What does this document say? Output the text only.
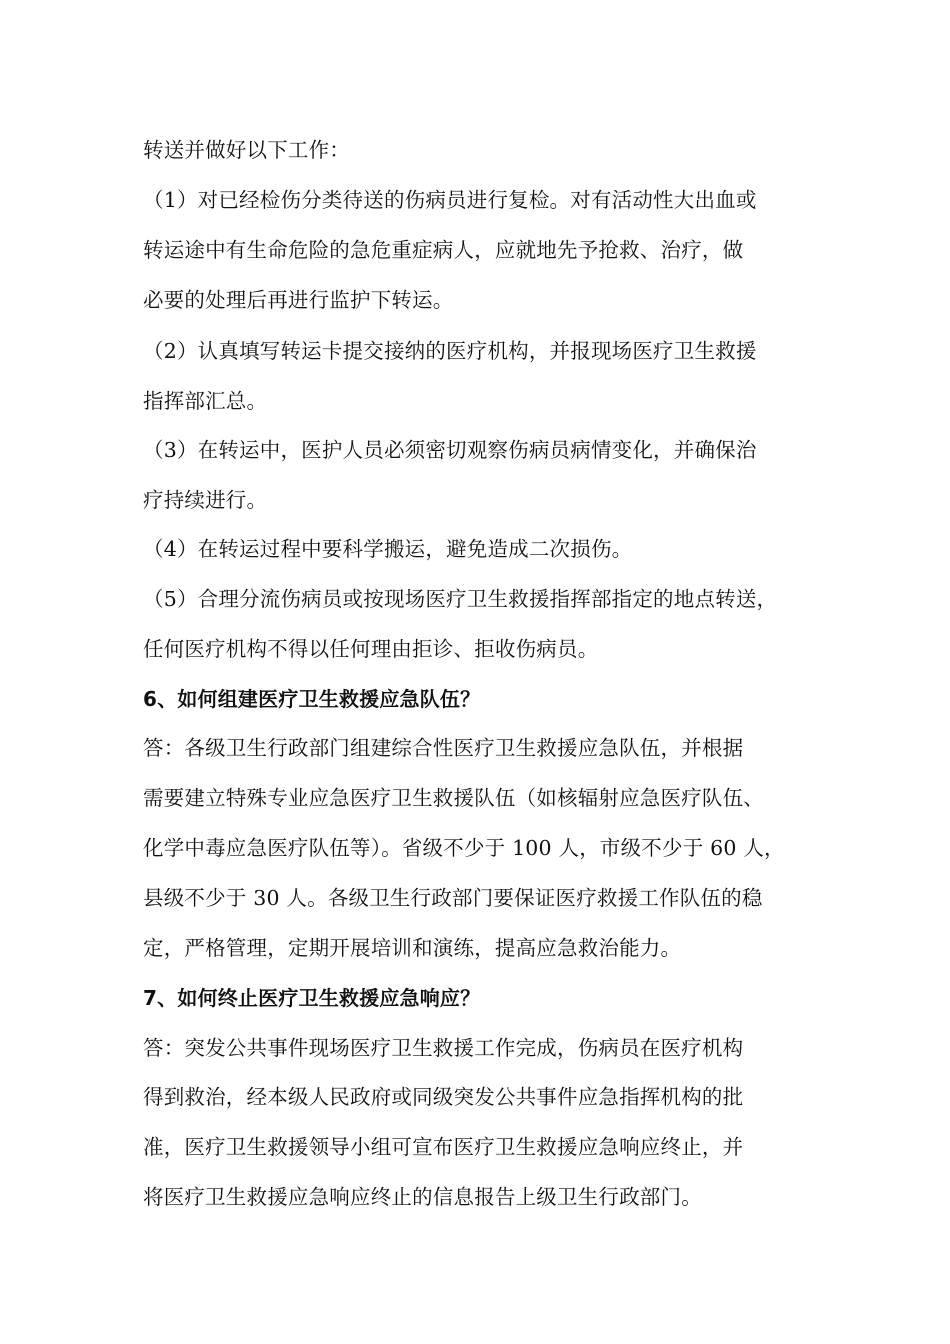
转送并做好以下工作：
（1）对已经检伤分类待送的伤病员进行复检。对有活动性大出血或
转运途中有生命危险的急危重症病人，应就地先予抢救、治疗，做
必要的处理后再进行监护下转运。
（2）认真填写转运卡提交接纳的医疗机构，并报现场医疗卫生救援
指挥部汇总。
（3）在转运中，医护人员必须密切观察伤病员病情变化，并确保治
疗持续进行。
（4）在转运过程中要科学搬运，避免造成二次损伤。
（5）合理分流伤病员或按现场医疗卫生救援指挥部指定的地点转送，
任何医疗机构不得以任何理由拒诊、拒收伤病员。
6、如何组建医疗卫生救援应急队伍？
答：各级卫生行政部门组建综合性医疗卫生救援应急队伍，并根据
需要建立特殊专业应急医疗卫生救援队伍（如核辐射应急医疗队伍、
化学中毒应急医疗队伍等）。省级不少于 100 人，市级不少于 60 人，
县级不少于 30 人。各级卫生行政部门要保证医疗救援工作队伍的稳
定，严格管理，定期开展培训和演练，提高应急救治能力。
7、如何终止医疗卫生救援应急响应？
答：突发公共事件现场医疗卫生救援工作完成，伤病员在医疗机构
得到救治，经本级人民政府或同级突发公共事件应急指挥机构的批
准，医疗卫生救援领导小组可宣布医疗卫生救援应急响应终止，并
将医疗卫生救援应急响应终止的信息报告上级卫生行政部门。
